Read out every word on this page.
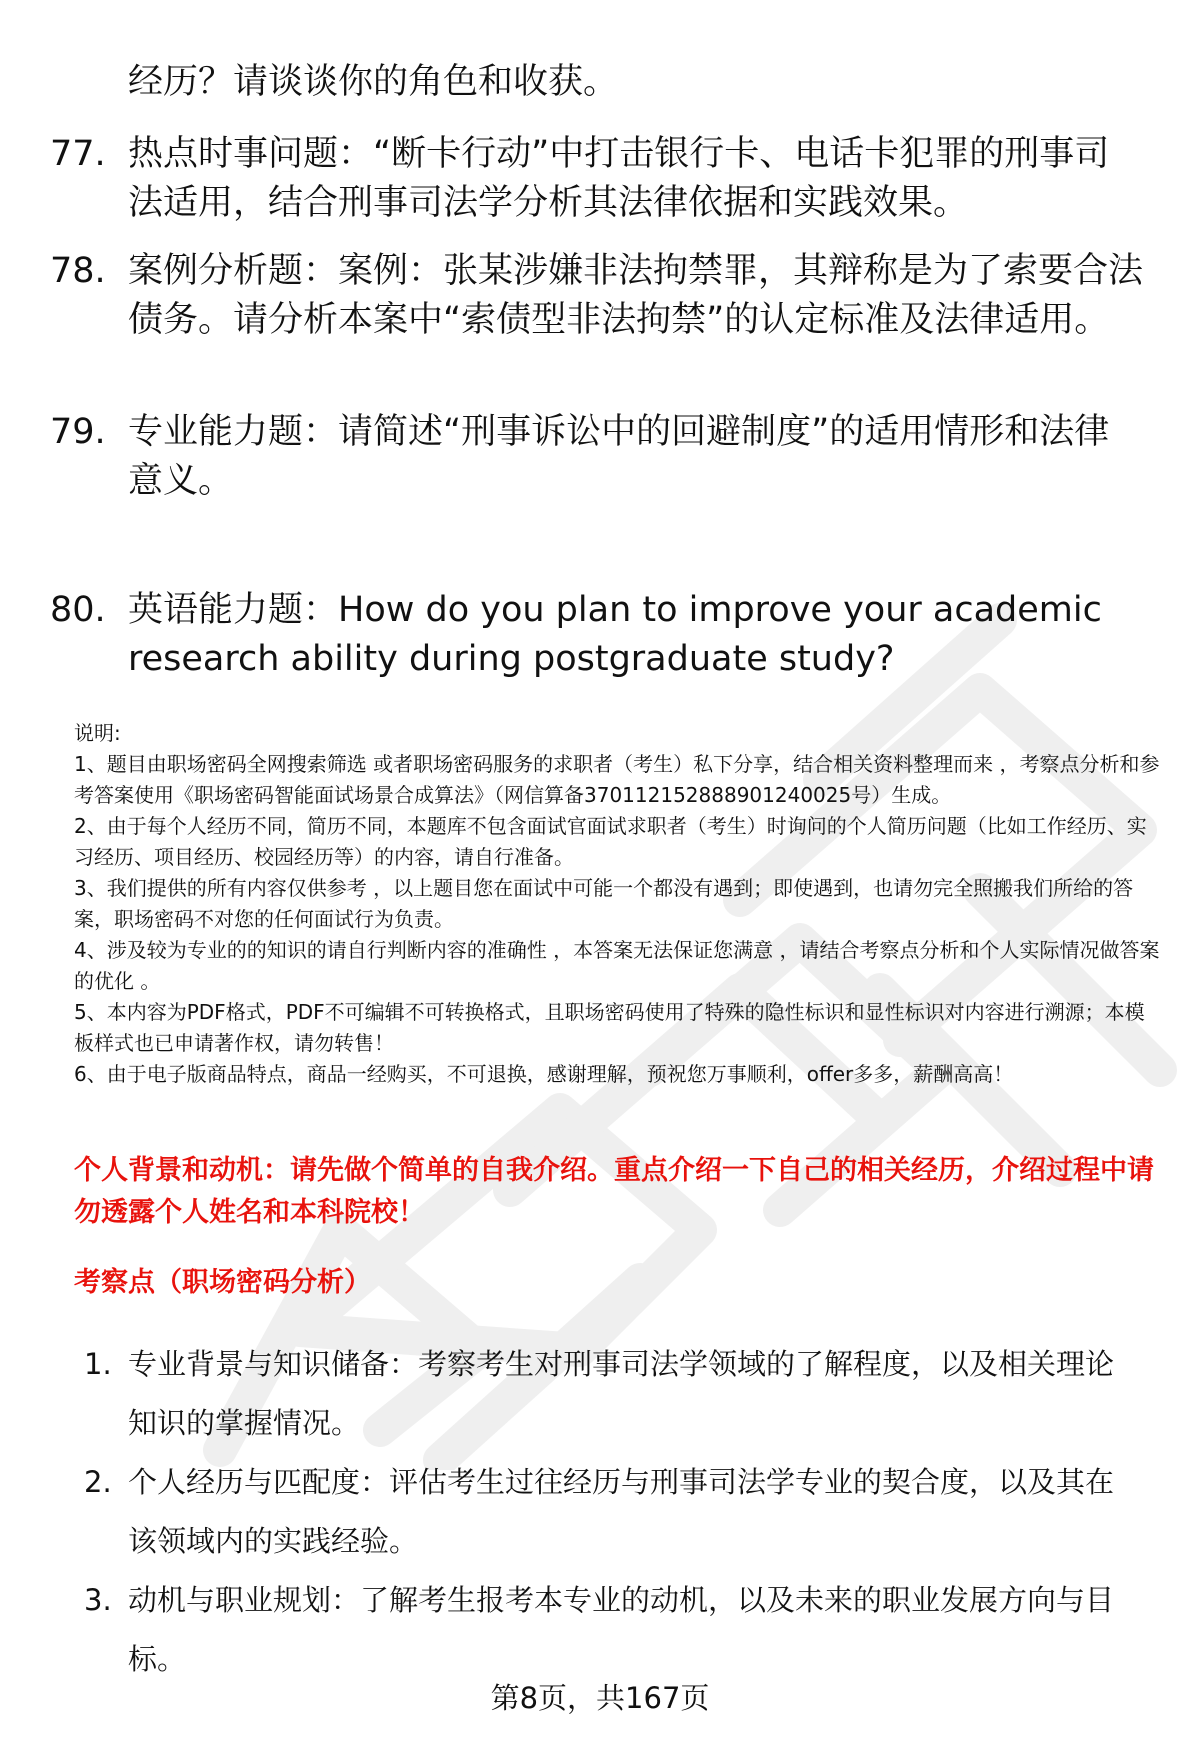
经历？请谈谈你的角色和收获。
77. 热点时事问题：“断卡行动”中打击银行卡、电话卡犯罪的刑事司法适用，结合刑事司法学分析其法律依据和实践效果。
78. 案例分析题：案例：张某涉嫌非法拘禁罪，其辩称是为了索要合法债务。请分析本案中“索债型非法拘禁”的认定标准及法律适用。
79. 专业能力题：请简述“刑事诉讼中的回避制度”的适用情形和法律意义。
80. 英语能力题：How do you plan to improve your academic research ability during postgraduate study?

说明:

1、题目由职场密码全网搜索筛选 或者职场密码服务的求职者（考生）私下分享，结合相关资料整理而来 ，考察点分析和参考答案使用《职场密码智能面试场景合成算法》（网信算备370112152888901240025号）生成。

2、由于每个人经历不同，简历不同，本题库不包含面试官面试求职者（考生）时询问的个人简历问题（比如工作经历、实习经历、项目经历、校园经历等）的内容，请自行准备。

3、我们提供的所有内容仅供参考 ，以上题目您在面试中可能一个都没有遇到；即使遇到，也请勿完全照搬我们所给的答案，职场密码不对您的任何面试行为负责。

4、涉及较为专业的的知识的请自行判断内容的准确性 ，本答案无法保证您满意 ，请结合考察点分析和个人实际情况做答案的优化 。

5、本内容为PDF格式，PDF不可编辑不可转换格式，且职场密码使用了特殊的隐性标识和显性标识对内容进行溯源；本模板样式也已申请著作权，请勿转售！

6、由于电子版商品特点，商品一经购买，不可退换，感谢理解，预祝您万事顺利，offer多多，薪酬高高！

个人背景和动机：请先做个简单的自我介绍。重点介绍一下自己的相关经历，介绍过程中请勿透露个人姓名和本科院校！
考察点（职场密码分析）
1. 专业背景与知识储备：考察考生对刑事司法学领域的了解程度，以及相关理论知识的掌握情况。
2. 个人经历与匹配度：评估考生过往经历与刑事司法学专业的契合度，以及其在该领域内的实践经验。
3. 动机与职业规划：了解考生报考本专业的动机，以及未来的职业发展方向与目标。
第8页，共167页
